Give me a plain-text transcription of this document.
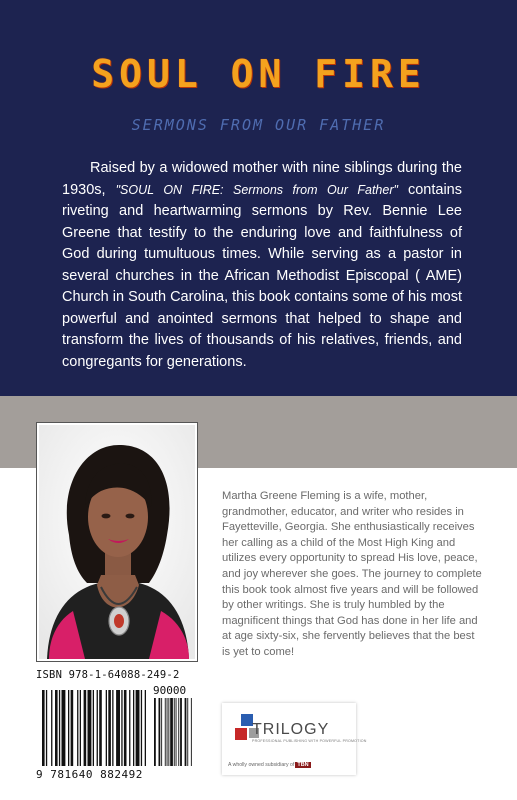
SOUL ON FIRE
SERMONS FROM OUR FATHER
Raised by a widowed mother with nine siblings during the 1930s, "SOUL ON FIRE: Sermons from Our Father" contains riveting and heartwarming sermons by Rev. Bennie Lee Greene that testify to the enduring love and faithfulness of God during tumultuous times. While serving as a pastor in several churches in the African Methodist Episcopal ( AME) Church in South Carolina, this book contains some of his most powerful and anointed sermons that helped to shape and transform the lives of thousands of his relatives, friends, and congregants for generations.
Martha Greene Fleming is a wife, mother, grandmother, educator, and writer who resides in Fayetteville, Georgia. She enthusiastically receives her calling as a child of the Most High King and utilizes every opportunity to spread His love, peace, and joy wherever she goes. The journey to complete this book took almost five years and will be followed by other writings. She is truly humbled by the magnificent things that God has done in her life and at age sixty-six, she fervently believes that the best is yet to come!
ISBN 978-1-64088-249-2
90000
9 781640 882492
TRILOGY
PROFESSIONAL PUBLISHING WITH POWERFUL PROMOTION
A wholly owned subsidiary of TBN
